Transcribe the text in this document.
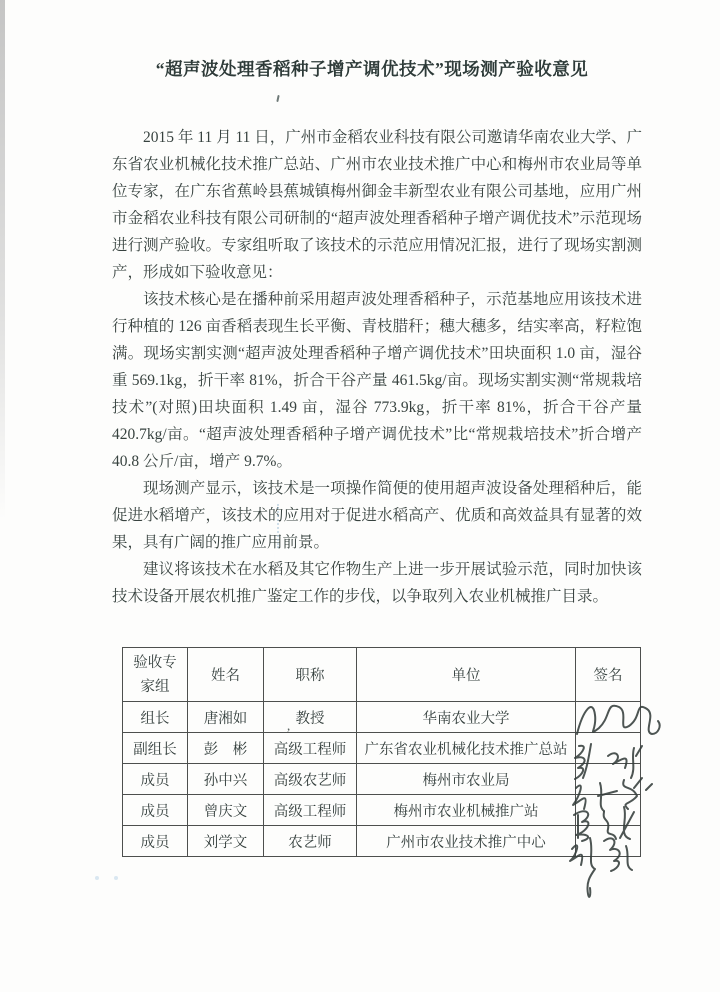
“超声波处理香稻种子增产调优技术”现场测产验收意见

2015 年 11 月 11 日，广州市金稻农业科技有限公司邀请华南农业大学、广东省农业机械化技术推广总站、广州市农业技术推广中心和梅州市农业局等单位专家，在广东省蕉岭县蕉城镇梅州御金丰新型农业有限公司基地，应用广州市金稻农业科技有限公司研制的“超声波处理香稻种子增产调优技术”示范现场进行测产验收。专家组听取了该技术的示范应用情况汇报，进行了现场实割测产，形成如下验收意见：

该技术核心是在播种前采用超声波处理香稻种子，示范基地应用该技术进行种植的 126 亩香稻表现生长平衡、青枝腊秆；穗大穗多，结实率高，籽粒饱满。现场实割实测“超声波处理香稻种子增产调优技术”田块面积 1.0 亩，湿谷重 569.1kg，折干率 81%，折合干谷产量 461.5kg/亩。现场实割实测“常规栽培技术”(对照)田块面积 1.49 亩，湿谷 773.9kg，折干率 81%，折合干谷产量 420.7kg/亩。“超声波处理香稻种子增产调优技术”比“常规栽培技术”折合增产 40.8 公斤/亩，增产 9.7%。

现场测产显示，该技术是一项操作简便的使用超声波设备处理稻种后，能促进水稻增产，该技术的应用对于促进水稻高产、优质和高效益具有显著的效果，具有广阔的推广应用前景。

建议将该技术在水稻及其它作物生产上进一步开展试验示范，同时加快该技术设备开展农机推广鉴定工作的步伐，以争取列入农业机械推广目录。

验收专家组	姓名	职称	单位	签名
组长	唐湘如	教授	华南农业大学	
副组长	彭　彬	高级工程师	广东省农业机械化技术推广总站	
成员	孙中兴	高级农艺师	梅州市农业局	
成员	曾庆文	高级工程师	梅州市农业机械推广站	
成员	刘学文	农艺师	广州市农业技术推广中心	
,
